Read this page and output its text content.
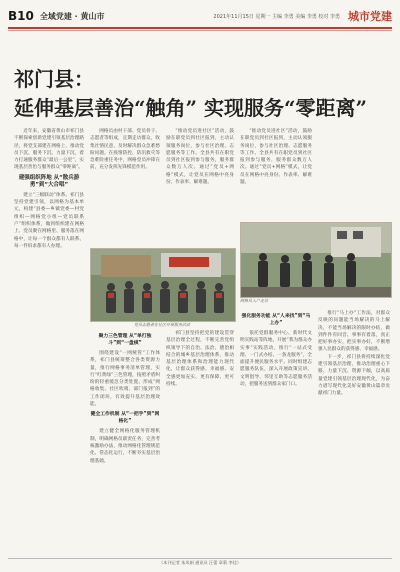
B10 全域党建 · 黄山市	2021年11月15日 星期一 主编 李勇 美编 李勇 校对 李勇 城市党建
祁门县：
延伸基层善治“触角” 实现服务“零距离”

近年来，安徽省黄山市祁门县不断探索创新党建引领基层治理路径，将党支部建在网格上，推动党员下沉、服务下沉、力量下沉，着力打通服务群众“最后一公里”，实现基层善治与服务群众“零距离”。

建强组织阵地 从“散兵游勇”到“大合唱”

建立“三级联动”体系。祁门县坚持党建引领，以网格为基本单元，构建“县委—乡镇党委—村党组织—网格党小组—党员联系户”组织体系，做到组织建在网格上、党员聚在网格里、服务落在网格中，让每一个群众都有人联系、每一件诉求都有人办理。

网格员由村干部、党员骨干、志愿者等组成，定期走访群众，收集社情民意，及时解决群众急难愁盼问题。在疫情防控、防汛救灾等急难险重任务中，网格党员冲锋在前，充分发挥先锋模范作用。

党员志愿者在社区开展服务活动
聚力三色管理 从“单打独斗”到“一盘棋”

围绕建设“一网统管”工作体系，祁门县统筹整合各类资源力量，推行网格事务清单管理，实行“红黄绿”三色管理，按照矛盾纠纷的轻重缓急分类处置，形成“网格收集、社区吹哨、部门报到”的工作闭环，有效提升基层治理效能。

健全工作机制 从“一把手”到“网格化”

建立健全网格化服务管理机制，明确网格员职责任务，完善考核激励办法，推动网格化管理规范化、常态化运行，不断夯实基层治理基础。

“推动党员进社区”活动，鼓励在职党员到社区报到，主动认领服务岗位，参与社区治理、志愿服务等工作。全县共有在职党员到社区报到参与服务，服务群众数万人次。通过“党员+网格”模式，让党员在网格中亮身份、作表率、解难题。

祁门县坚持把党的建设贯穿基层治理全过程，不断完善党组织领导下的自治、法治、德治相结合的城乡基层治理体系，推动基层治理体系和治理能力现代化，让群众获得感、幸福感、安全感更加充实、更有保障、更可持续。

“推动党员进社区”活动，鼓励在职党员到社区报到，主动认领服务岗位，参与社区治理、志愿服务等工作。全县共有在职党员到社区报到参与服务，服务群众数万人次。通过“党员+网格”模式，让党员在网格中亮身份、作表率、解难题。

网格员入户走访
强化服务功能 从“人来找”到“马上办”

依托党群服务中心、新时代文明实践站等阵地，开展“我为群众办实事”实践活动，推行“一站式受理、一门式办结、一条龙服务”，全面提升便民服务水平。同时组建志愿服务队伍，深入开展政策宣讲、文明倡导、邻里互助等志愿服务活动，把服务送到群众家门口。

推行“马上办”工作法，对群众反映的问题能当场解决的马上解决，不能当场解决的限时办结，做到件件有回音、事事有着落，真正把好事办实、把实事办好，不断增强人民群众的获得感、幸福感。

下一步，祁门县将持续深化党建引领基层治理，推动治理重心下移、力量下沉、资源下倾，以高质量党建引领基层治理现代化，为奋力谱写现代化美好安徽黄山篇章贡献祁门力量。

（本刊记者 朱凤娟 通讯员 汪蕾 章莉 李佳）
